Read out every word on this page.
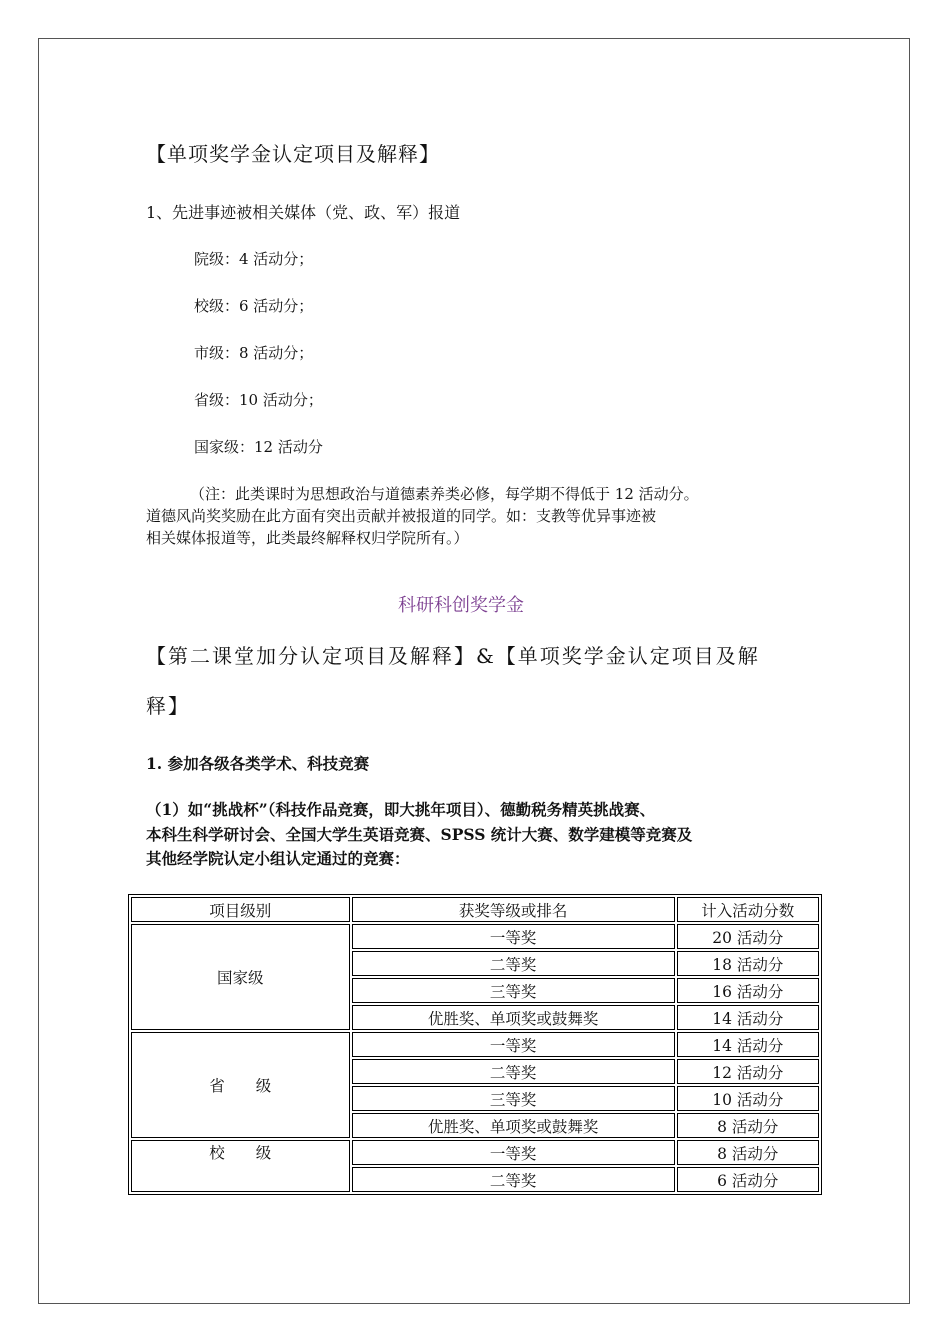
【单项奖学金认定项目及解释】
1、先进事迹被相关媒体（党、政、军）报道
院级：4 活动分；
校级：6 活动分；
市级：8 活动分；
省级：10 活动分；
国家级：12 活动分
（注：此类课时为思想政治与道德素养类必修，每学期不得低于 12 活动分。
道德风尚奖奖励在此方面有突出贡献并被报道的同学。如：支教等优异事迹被
相关媒体报道等，此类最终解释权归学院所有。）
科研科创奖学金
【第二课堂加分认定项目及解释】&【单项奖学金认定项目及解
释】
1. 参加各级各类学术、科技竞赛
（1）如“挑战杯”（科技作品竞赛，即大挑年项目）、德勤税务精英挑战赛、
本科生科学研讨会、全国大学生英语竞赛、SPSS 统计大赛、数学建模等竞赛及
其他经学院认定小组认定通过的竞赛：
项目级别	获奖等级或排名	计入活动分数
国家级	一等奖	20 活动分
	二等奖	18 活动分
	三等奖	16 活动分
	优胜奖、单项奖或鼓舞奖	14 活动分
省　　级	一等奖	14 活动分
	二等奖	12 活动分
	三等奖	10 活动分
	优胜奖、单项奖或鼓舞奖	8 活动分
校　　级	一等奖	8 活动分
	二等奖	6 活动分
